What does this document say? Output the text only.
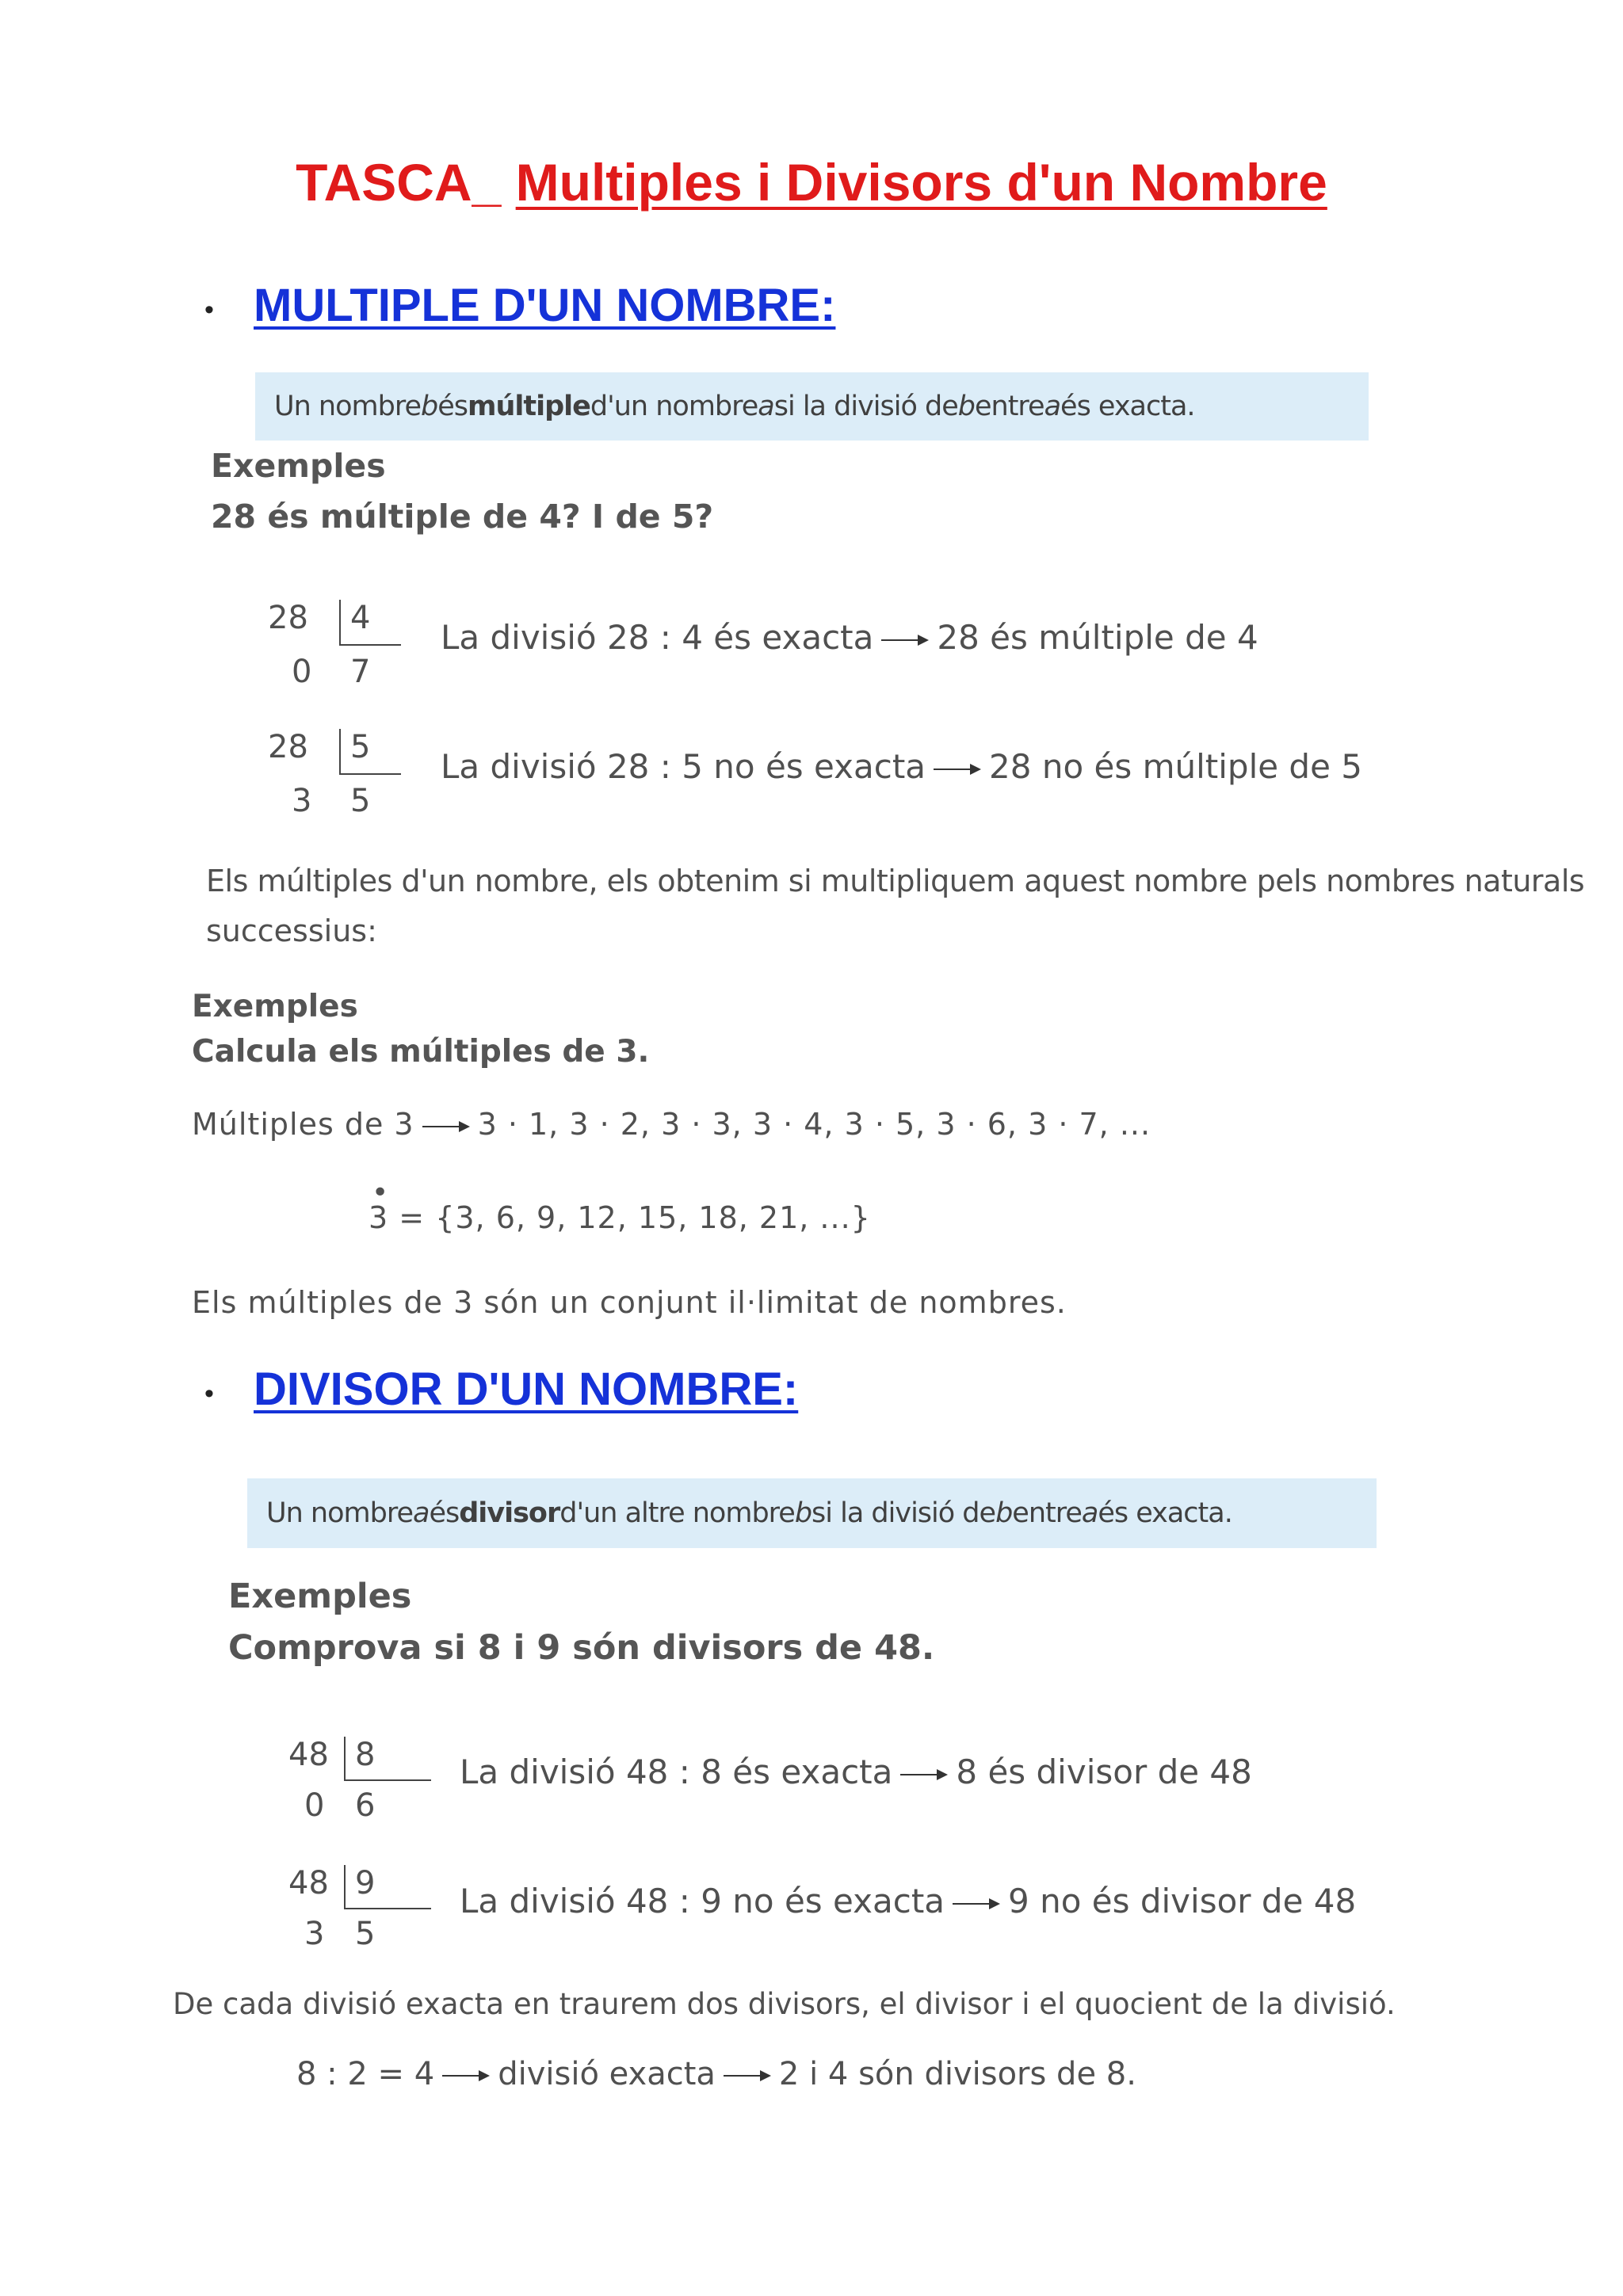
TASCA_ Multiples i Divisors d'un Nombre
• MULTIPLE D'UN NOMBRE:
Un nombre b és múltiple d'un nombre a si la divisió de b entre a és exacta.
Exemples
28 és múltiple de 4? I de 5?
28 4
0 7
La divisió 28 : 4 és exacta 28 és múltiple de 4
28 5
3 5
La divisió 28 : 5 no és exacta 28 no és múltiple de 5
Els múltiples d'un nombre, els obtenim si multipliquem aquest nombre pels nombres naturals
successius:
Exemples
Calcula els múltiples de 3.
Múltiples de 3 3 · 1, 3 · 2, 3 · 3, 3 · 4, 3 · 5, 3 · 6, 3 · 7, ...
•
3 = {3, 6, 9, 12, 15, 18, 21, ...}
Els múltiples de 3 són un conjunt il·limitat de nombres.
• DIVISOR D'UN NOMBRE:
Un nombre a és divisor d'un altre nombre b si la divisió de b entre a és exacta.
Exemples
Comprova si 8 i 9 són divisors de 48.
48 8
0 6
La divisió 48 : 8 és exacta 8 és divisor de 48
48 9
3 5
La divisió 48 : 9 no és exacta 9 no és divisor de 48
De cada divisió exacta en traurem dos divisors, el divisor i el quocient de la divisió.
8 : 2 = 4 divisió exacta 2 i 4 són divisors de 8.
